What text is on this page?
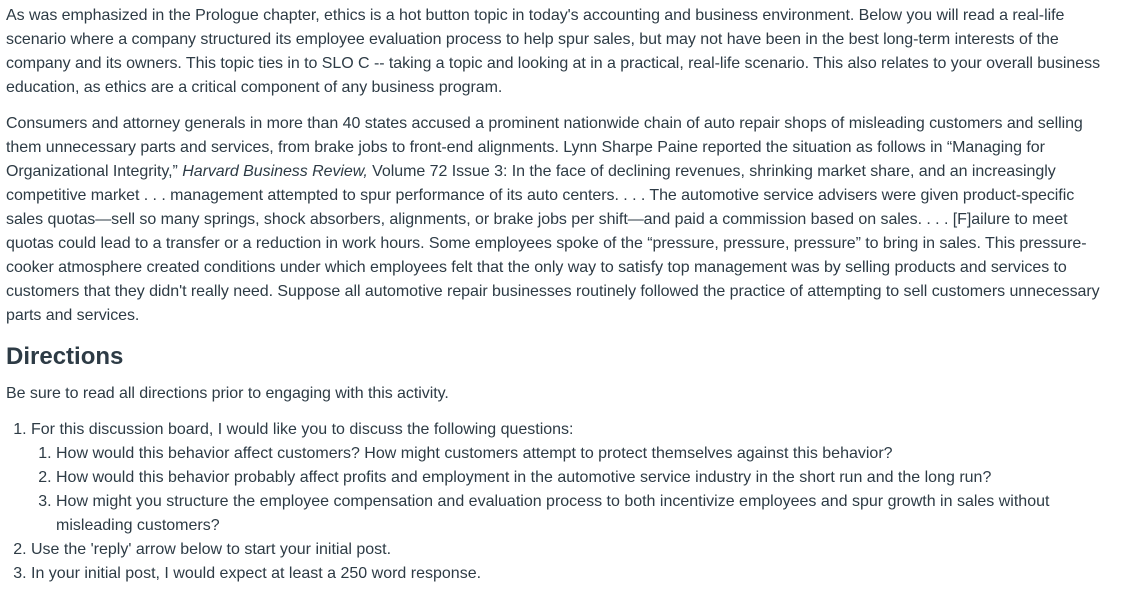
As was emphasized in the Prologue chapter, ethics is a hot button topic in today's accounting and business environment. Below you will read a real-life scenario where a company structured its employee evaluation process to help spur sales, but may not have been in the best long-term interests of the company and its owners. This topic ties in to SLO C -- taking a topic and looking at in a practical, real-life scenario. This also relates to your overall business education, as ethics are a critical component of any business program.

Consumers and attorney generals in more than 40 states accused a prominent nationwide chain of auto repair shops of misleading customers and selling them unnecessary parts and services, from brake jobs to front-end alignments. Lynn Sharpe Paine reported the situation as follows in “Managing for Organizational Integrity,” Harvard Business Review, Volume 72 Issue 3: In the face of declining revenues, shrinking market share, and an increasingly competitive market . . . management attempted to spur performance of its auto centers. . . . The automotive service advisers were given product-specific sales quotas—sell so many springs, shock absorbers, alignments, or brake jobs per shift—and paid a commission based on sales. . . . [F]ailure to meet quotas could lead to a transfer or a reduction in work hours. Some employees spoke of the “pressure, pressure, pressure” to bring in sales. This pressure-cooker atmosphere created conditions under which employees felt that the only way to satisfy top management was by selling products and services to customers that they didn't really need. Suppose all automotive repair businesses routinely followed the practice of attempting to sell customers unnecessary parts and services.

Directions

Be sure to read all directions prior to engaging with this activity.

1. For this discussion board, I would like you to discuss the following questions:
1. How would this behavior affect customers? How might customers attempt to protect themselves against this behavior?
2. How would this behavior probably affect profits and employment in the automotive service industry in the short run and the long run?
3. How might you structure the employee compensation and evaluation process to both incentivize employees and spur growth in sales without misleading customers?
2. Use the 'reply' arrow below to start your initial post.
3. In your initial post, I would expect at least a 250 word response.
